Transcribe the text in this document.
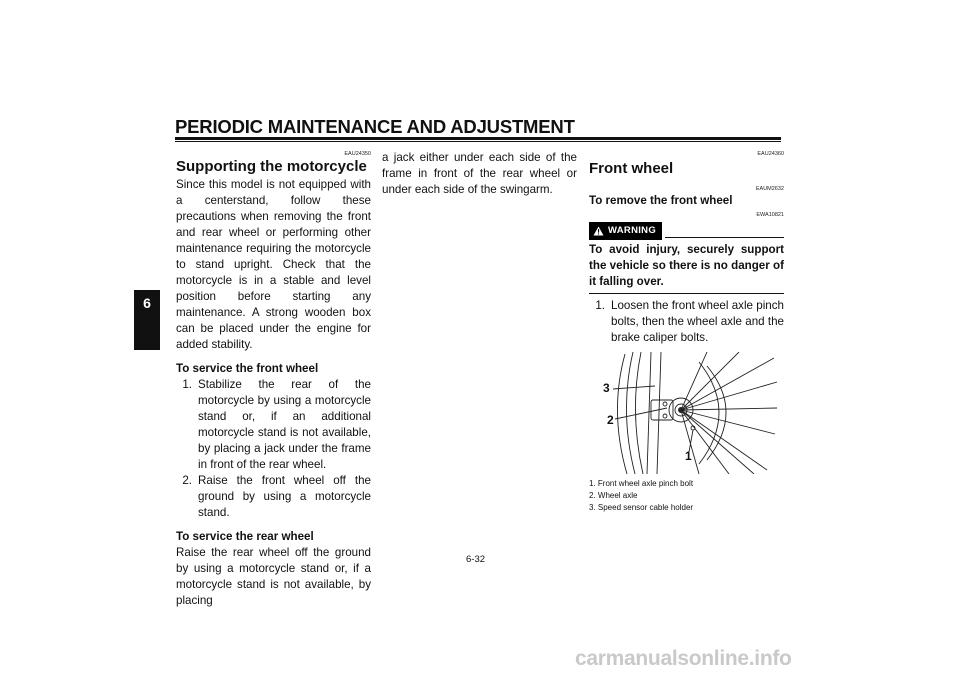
PERIODIC MAINTENANCE AND ADJUSTMENT
6
EAU24350
Supporting the motorcycle

Since this model is not equipped with a centerstand, follow these precautions when removing the front and rear wheel or performing other maintenance requiring the motorcycle to stand upright. Check that the motorcycle is in a stable and level position before starting any maintenance. A strong wooden box can be placed under the engine for added stability.

To service the front wheel
1. Stabilize the rear of the motorcycle by using a motorcycle stand or, if an additional motorcycle stand is not available, by placing a jack under the frame in front of the rear wheel.
2. Raise the front wheel off the ground by using a motorcycle stand.
To service the rear wheel

Raise the rear wheel off the ground by using a motorcycle stand or, if a motorcycle stand is not available, by placing

a jack either under each side of the frame in front of the rear wheel or under each side of the swingarm.

EAU24360
Front wheel
EAUM2632
To remove the front wheel
EWA10821
WARNING

To avoid injury, securely support the vehicle so there is no danger of it falling over.

1. Loosen the front wheel axle pinch bolts, then the wheel axle and the brake caliper bolts.
3
2
1
1. Front wheel axle pinch bolt
2. Wheel axle
3. Speed sensor cable holder
6-32
carmanualsonline.info
